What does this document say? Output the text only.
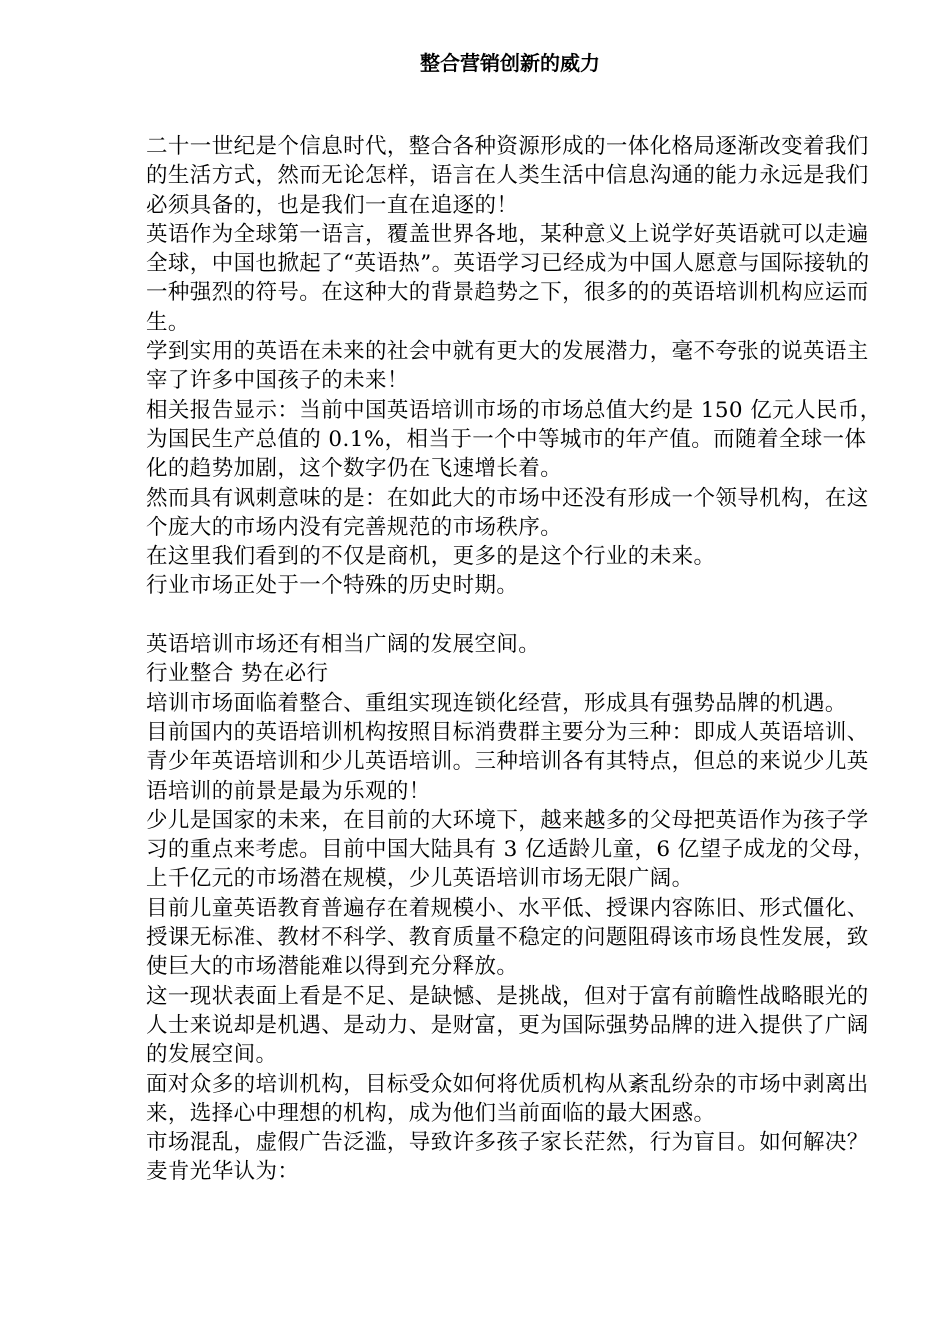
整合营销创新的威力

二十一世纪是个信息时代，整合各种资源形成的一体化格局逐渐改变着我们的生活方式，然而无论怎样，语言在人类生活中信息沟通的能力永远是我们必须具备的，也是我们一直在追逐的！

英语作为全球第一语言，覆盖世界各地，某种意义上说学好英语就可以走遍全球，中国也掀起了“英语热”。英语学习已经成为中国人愿意与国际接轨的一种强烈的符号。在这种大的背景趋势之下，很多的的英语培训机构应运而生。

学到实用的英语在未来的社会中就有更大的发展潜力，毫不夸张的说英语主宰了许多中国孩子的未来！

相关报告显示：当前中国英语培训市场的市场总值大约是 150 亿元人民币，为国民生产总值的 0.1%，相当于一个中等城市的年产值。而随着全球一体化的趋势加剧，这个数字仍在飞速增长着。

然而具有讽刺意味的是：在如此大的市场中还没有形成一个领导机构，在这个庞大的市场内没有完善规范的市场秩序。

在这里我们看到的不仅是商机，更多的是这个行业的未来。

行业市场正处于一个特殊的历史时期。

英语培训市场还有相当广阔的发展空间。

行业整合 势在必行

培训市场面临着整合、重组实现连锁化经营，形成具有强势品牌的机遇。

目前国内的英语培训机构按照目标消费群主要分为三种：即成人英语培训、青少年英语培训和少儿英语培训。三种培训各有其特点，但总的来说少儿英语培训的前景是最为乐观的！

少儿是国家的未来，在目前的大环境下，越来越多的父母把英语作为孩子学习的重点来考虑。目前中国大陆具有 3 亿适龄儿童，6 亿望子成龙的父母，上千亿元的市场潜在规模，少儿英语培训市场无限广阔。

目前儿童英语教育普遍存在着规模小、水平低、授课内容陈旧、形式僵化、授课无标准、教材不科学、教育质量不稳定的问题阻碍该市场良性发展，致使巨大的市场潜能难以得到充分释放。

这一现状表面上看是不足、是缺憾、是挑战，但对于富有前瞻性战略眼光的人士来说却是机遇、是动力、是财富，更为国际强势品牌的进入提供了广阔的发展空间。

面对众多的培训机构，目标受众如何将优质机构从紊乱纷杂的市场中剥离出来，选择心中理想的机构，成为他们当前面临的最大困惑。

市场混乱，虚假广告泛滥，导致许多孩子家长茫然，行为盲目。如何解决？

麦肯光华认为：
